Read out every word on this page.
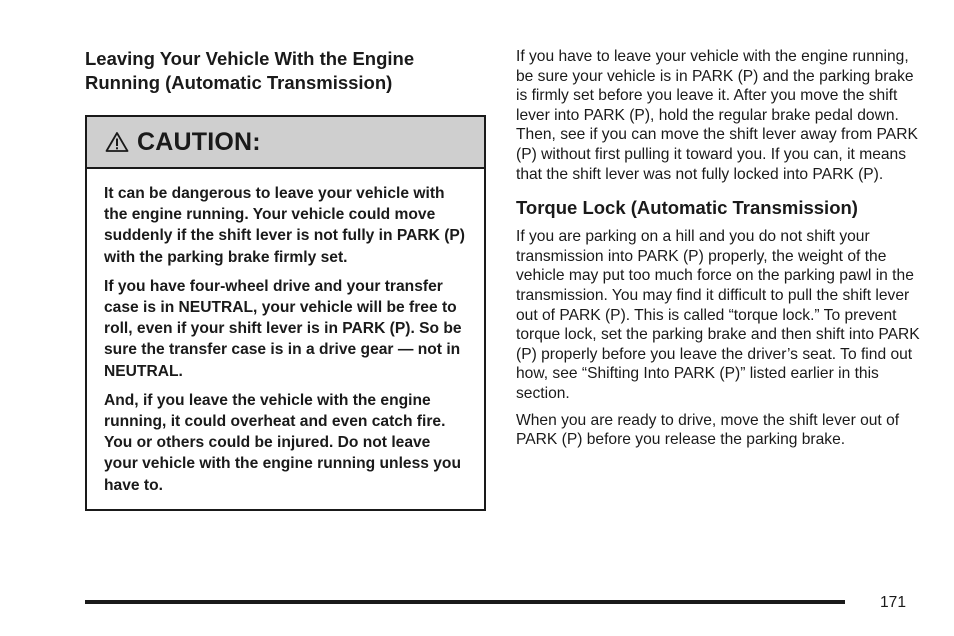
Leaving Your Vehicle With the Engine
Running (Automatic Transmission)
CAUTION:

It can be dangerous to leave your vehicle with the engine running. Your vehicle could move suddenly if the shift lever is not fully in PARK (P) with the parking brake firmly set.

If you have four-wheel drive and your transfer case is in NEUTRAL, your vehicle will be free to roll, even if your shift lever is in PARK (P). So be sure the transfer case is in a drive gear — not in NEUTRAL.

And, if you leave the vehicle with the engine running, it could overheat and even catch fire. You or others could be injured. Do not leave your vehicle with the engine running unless you have to.

If you have to leave your vehicle with the engine running, be sure your vehicle is in PARK (P) and the parking brake is firmly set before you leave it. After you move the shift lever into PARK (P), hold the regular brake pedal down. Then, see if you can move the shift lever away from PARK (P) without first pulling it toward you. If you can, it means that the shift lever was not fully locked into PARK (P).

Torque Lock (Automatic Transmission)

If you are parking on a hill and you do not shift your transmission into PARK (P) properly, the weight of the vehicle may put too much force on the parking pawl in the transmission. You may find it difficult to pull the shift lever out of PARK (P). This is called “torque lock.” To prevent torque lock, set the parking brake and then shift into PARK (P) properly before you leave the driver’s seat. To find out how, see “Shifting Into PARK (P)” listed earlier in this section.

When you are ready to drive, move the shift lever out of PARK (P) before you release the parking brake.

171
